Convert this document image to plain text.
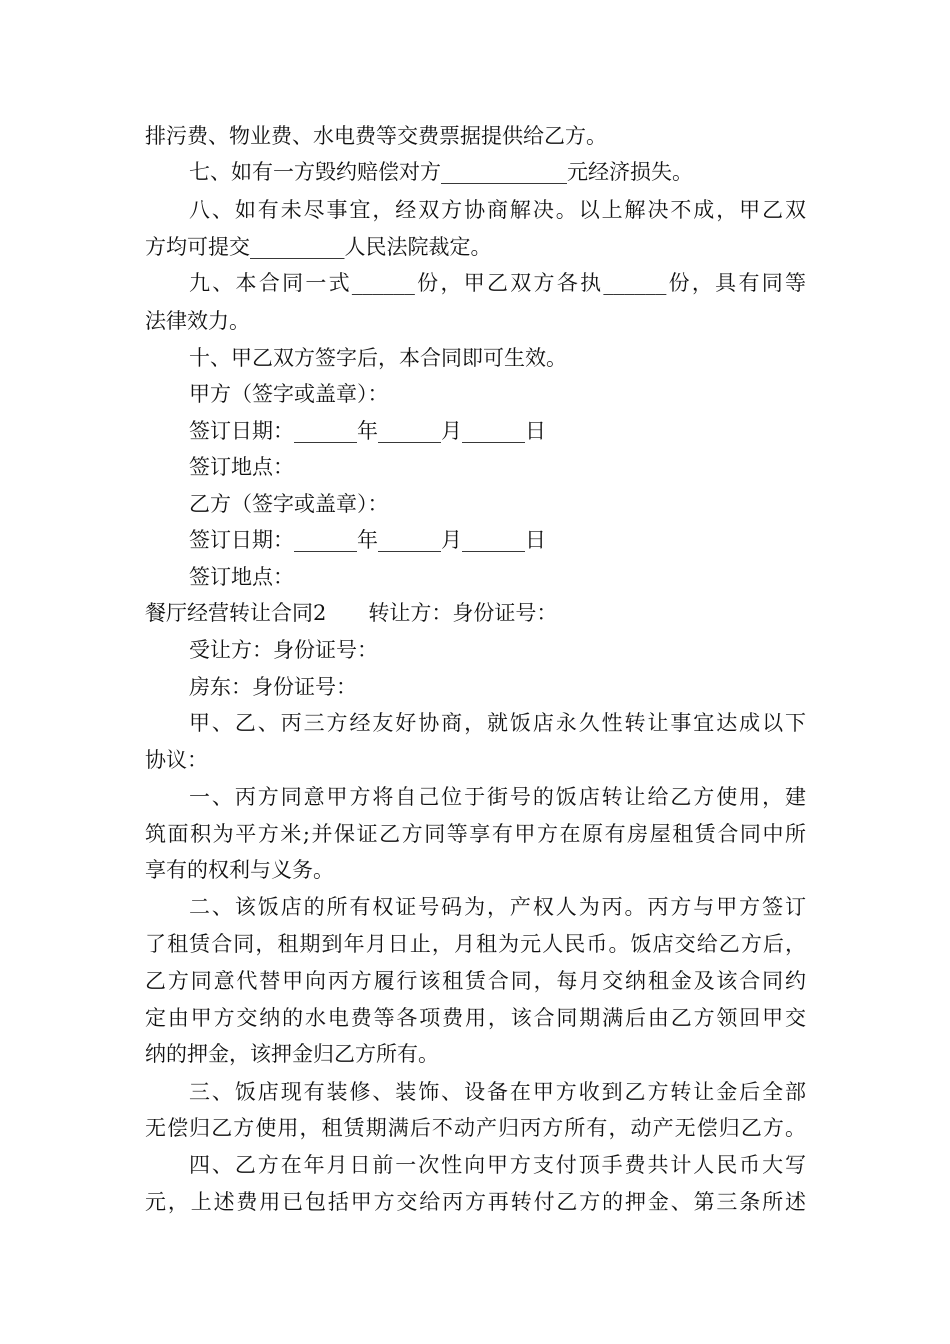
排污费、物业费、水电费等交费票据提供给乙方。
七、如有一方毁约赔偿对方____________元经济损失。
八、如有未尽事宜，经双方协商解决。以上解决不成，甲乙双
方均可提交_________人民法院裁定。
九、本合同一式______份，甲乙双方各执______份，具有同等
法律效力。
十、甲乙双方签字后，本合同即可生效。
甲方（签字或盖章）：
签订日期：______年______月______日
签订地点：
乙方（签字或盖章）：
签订日期：______年______月______日
签订地点：
餐厅经营转让合同2　　转让方：身份证号：
受让方：身份证号：
房东：身份证号：
甲、乙、丙三方经友好协商，就饭店永久性转让事宜达成以下
协议：
一、丙方同意甲方将自己位于街号的饭店转让给乙方使用，建
筑面积为平方米;并保证乙方同等享有甲方在原有房屋租赁合同中所
享有的权利与义务。
二、该饭店的所有权证号码为，产权人为丙。丙方与甲方签订
了租赁合同，租期到年月日止，月租为元人民币。饭店交给乙方后，
乙方同意代替甲向丙方履行该租赁合同，每月交纳租金及该合同约
定由甲方交纳的水电费等各项费用，该合同期满后由乙方领回甲交
纳的押金，该押金归乙方所有。
三、饭店现有装修、装饰、设备在甲方收到乙方转让金后全部
无偿归乙方使用，租赁期满后不动产归丙方所有，动产无偿归乙方。
四、乙方在年月日前一次性向甲方支付顶手费共计人民币大写
元，上述费用已包括甲方交给丙方再转付乙方的押金、第三条所述
